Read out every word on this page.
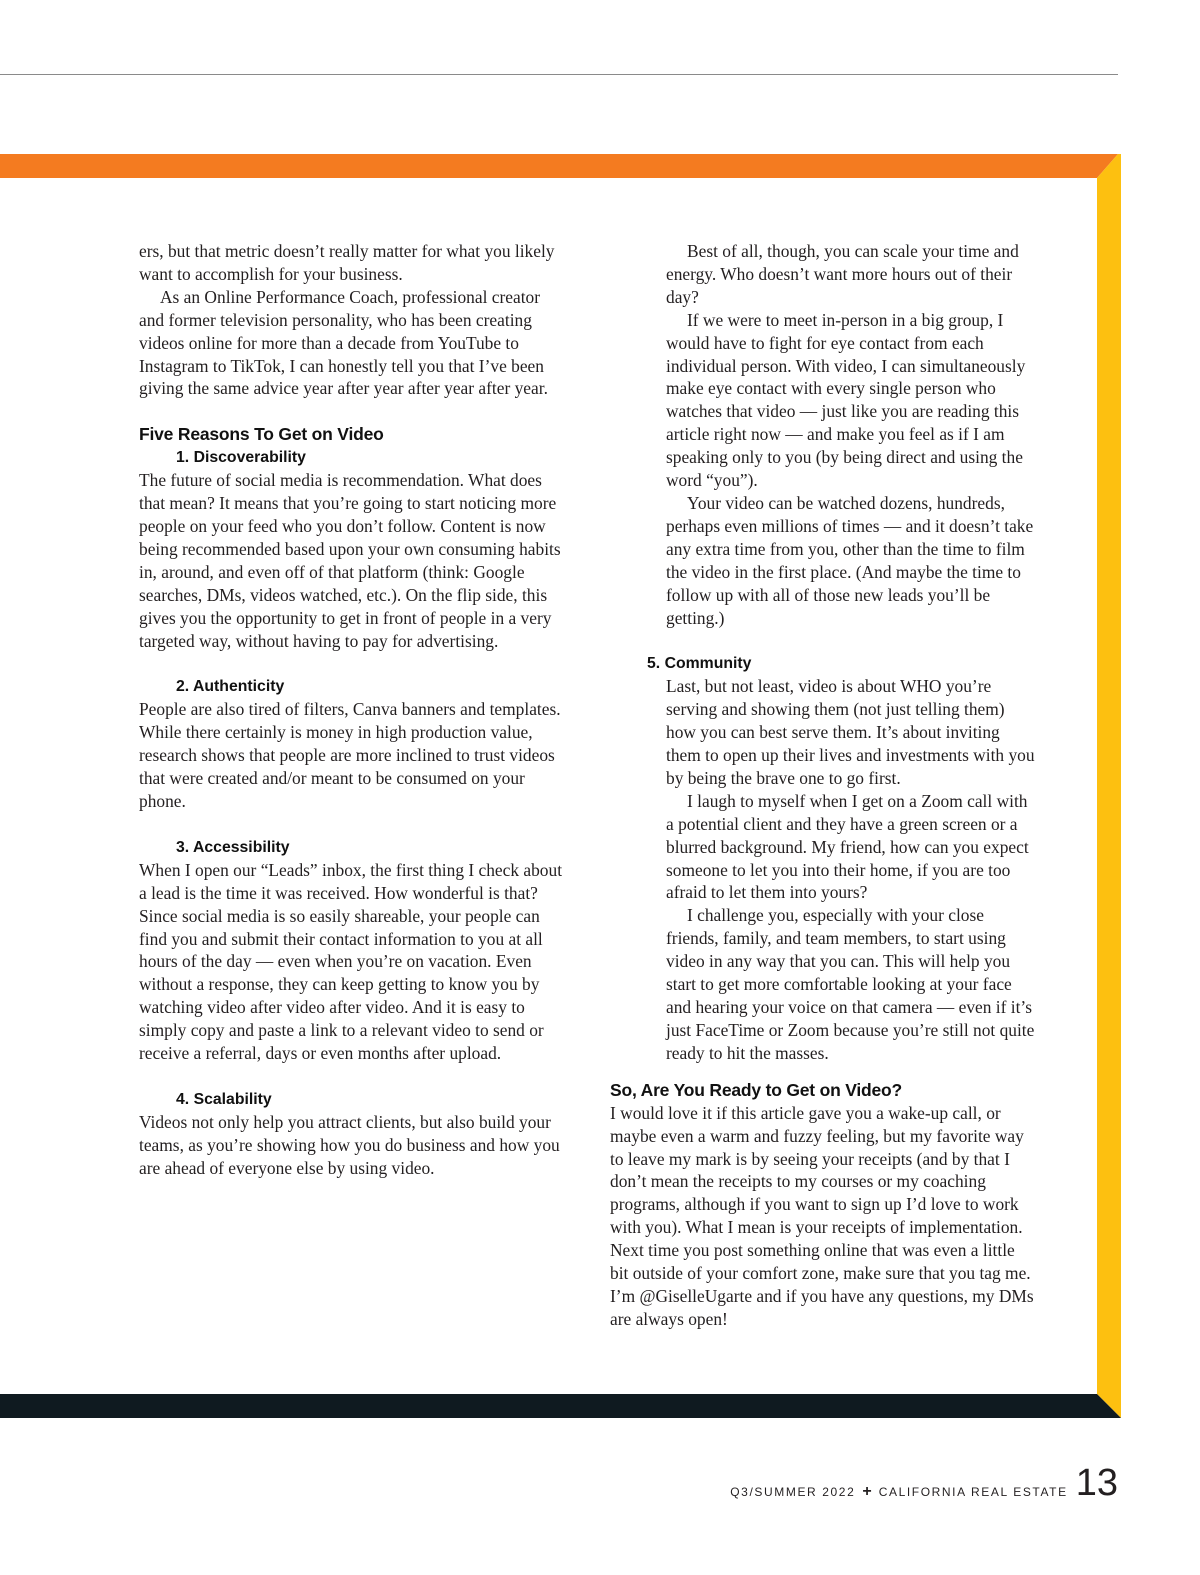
ers, but that metric doesn’t really matter for what you likely want to accomplish for your business.

As an Online Performance Coach, professional creator and former television personality, who has been creating videos online for more than a decade from YouTube to Instagram to TikTok, I can honestly tell you that I’ve been giving the same advice year after year after year after year.

Five Reasons To Get on Video
1. Discoverability

The future of social media is recommendation. What does that mean? It means that you’re going to start noticing more people on your feed who you don’t follow. Content is now being recommended based upon your own consuming habits in, around, and even off of that platform (think: Google searches, DMs, videos watched, etc.). On the flip side, this gives you the opportunity to get in front of people in a very targeted way, without having to pay for advertising.

2. Authenticity

People are also tired of filters, Canva banners and templates. While there certainly is money in high production value, research shows that people are more inclined to trust videos that were created and/or meant to be consumed on your phone.

3. Accessibility

When I open our “Leads” inbox, the first thing I check about a lead is the time it was received. How wonderful is that? Since social media is so easily shareable, your people can find you and submit their contact information to you at all hours of the day — even when you’re on vacation. Even without a response, they can keep getting to know you by watching video after video after video. And it is easy to simply copy and paste a link to a relevant video to send or receive a referral, days or even months after upload.

4. Scalability

Videos not only help you attract clients, but also build your teams, as you’re showing how you do business and how you are ahead of everyone else by using video.

Best of all, though, you can scale your time and energy. Who doesn’t want more hours out of their day?

If we were to meet in-person in a big group, I would have to fight for eye contact from each individual person. With video, I can simultaneously make eye contact with every single person who watches that video — just like you are reading this article right now — and make you feel as if I am speaking only to you (by being direct and using the word “you”).

Your video can be watched dozens, hundreds, perhaps even millions of times — and it doesn’t take any extra time from you, other than the time to film the video in the first place. (And maybe the time to follow up with all of those new leads you’ll be getting.)

5. Community

Last, but not least, video is about WHO you’re serving and showing them (not just telling them) how you can best serve them. It’s about inviting them to open up their lives and investments with you by being the brave one to go first.

I laugh to myself when I get on a Zoom call with a potential client and they have a green screen or a blurred background. My friend, how can you expect someone to let you into their home, if you are too afraid to let them into yours?

I challenge you, especially with your close friends, family, and team members, to start using video in any way that you can. This will help you start to get more comfortable looking at your face and hearing your voice on that camera — even if it’s just FaceTime or Zoom because you’re still not quite ready to hit the masses.

So, Are You Ready to Get on Video?

I would love it if this article gave you a wake-up call, or maybe even a warm and fuzzy feeling, but my favorite way to leave my mark is by seeing your receipts (and by that I don’t mean the receipts to my courses or my coaching programs, although if you want to sign up I’d love to work with you). What I mean is your receipts of implementation. Next time you post something online that was even a little bit outside of your comfort zone, make sure that you tag me. I’m @GiselleUgarte and if you have any questions, my DMs are always open!

Q3/SUMMER 2022 + CALIFORNIA REAL ESTATE 13
